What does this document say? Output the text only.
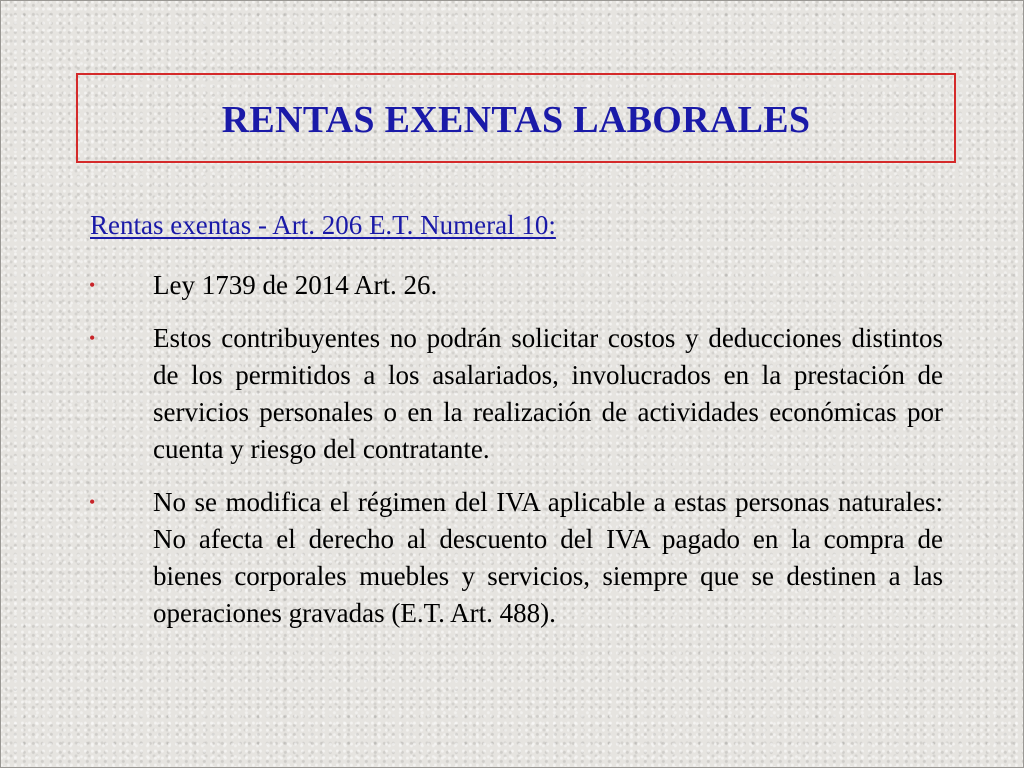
RENTAS EXENTAS LABORALES
Rentas exentas - Art. 206 E.T. Numeral 10:
• Ley 1739 de 2014 Art. 26.
• Estos contribuyentes no podrán solicitar costos y deducciones distintos de los permitidos a los asalariados, involucrados en la prestación de servicios personales o en la realización de actividades económicas por cuenta y riesgo del contratante.
• No se modifica el régimen del IVA aplicable a estas personas naturales: No afecta el derecho al descuento del IVA pagado en la compra de bienes corporales muebles y servicios, siempre que se destinen a las operaciones gravadas (E.T. Art. 488).
